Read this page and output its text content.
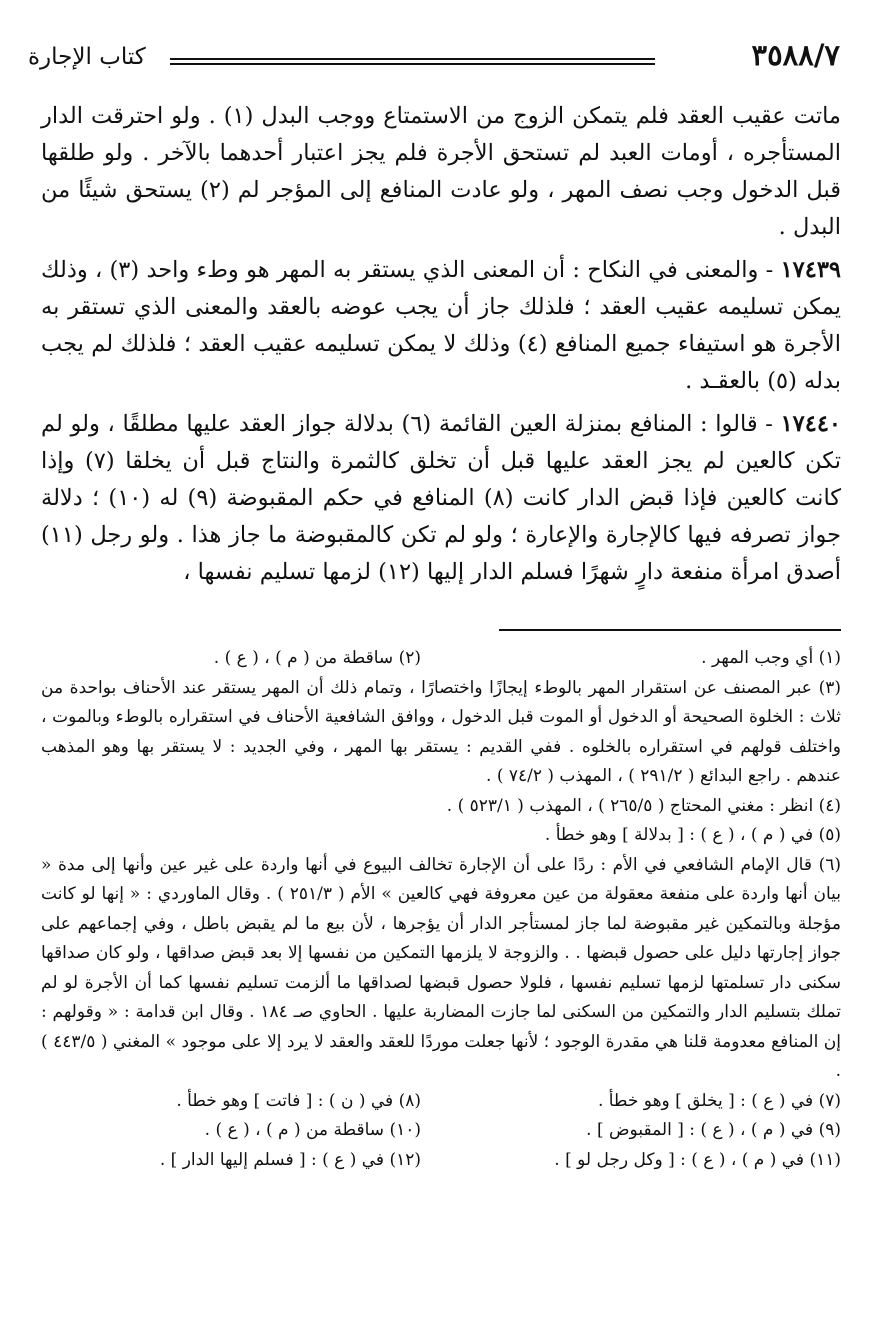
٣٥٨٨/٧
كتاب الإجارة

ماتت عقيب العقد فلم يتمكن الزوج من الاستمتاع ووجب البدل (١) . ولو احترقت الدار المستأجره ، أومات العبد لم تستحق الأجرة فلم يجز اعتبار أحدهما بالآخر . ولو طلقها قبل الدخول وجب نصف المهر ، ولو عادت المنافع إلى المؤجر لم (٢) يستحق شيئًا من البدل .

١٧٤٣٩ - والمعنى في النكاح : أن المعنى الذي يستقر به المهر هو وطء واحد (٣) ، وذلك يمكن تسليمه عقيب العقد ؛ فلذلك جاز أن يجب عوضه بالعقد والمعنى الذي تستقر به الأجرة هو استيفاء جميع المنافع (٤) وذلك لا يمكن تسليمه عقيب العقد ؛ فلذلك لم يجب بدله (٥) بالعقـد .

١٧٤٤٠ - قالوا : المنافع بمنزلة العين القائمة (٦) بدلالة جواز العقد عليها مطلقًا ، ولو لم تكن كالعين لم يجز العقد عليها قبل أن تخلق كالثمرة والنتاج قبل أن يخلقا (٧) وإذا كانت كالعين فإذا قبض الدار كانت (٨) المنافع في حكم المقبوضة (٩) له (١٠) ؛ دلالة جواز تصرفه فيها كالإجارة والإعارة ؛ ولو لم تكن كالمقبوضة ما جاز هذا . ولو رجل (١١) أصدق امرأة منفعة دارٍ شهرًا فسلم الدار إليها (١٢) لزمها تسليم نفسها ،

(١) أي وجب المهر .
(٢) ساقطة من ( م ) ، ( ع ) .

(٣) عبر المصنف عن استقرار المهر بالوطء إيجازًا واختصارًا ، وتمام ذلك أن المهر يستقر عند الأحناف بواحدة من ثلاث : الخلوة الصحيحة أو الدخول أو الموت قبل الدخول ، ووافق الشافعية الأحناف في استقراره بالوطء وبالموت ، واختلف قولهم في استقراره بالخلوه . ففي القديم : يستقر بها المهر ، وفي الجديد : لا يستقر بها وهو المذهب عندهم . راجع البدائع ( ٢٩١/٢ ) ، المهذب ( ٧٤/٢ ) .

(٤) انظر : مغني المحتاج ( ٢٦٥/٥ ) ، المهذب ( ٥٢٣/١ ) .

(٥) في ( م ) ، ( ع ) : [ بدلالة ] وهو خطأ .

(٦) قال الإمام الشافعي في الأم : ردًا على أن الإجارة تخالف البيوع في أنها واردة على غير عين وأنها إلى مدة « بيان أنها واردة على منفعة معقولة من عين معروفة فهي كالعين » الأم ( ٢٥١/٣ ) . وقال الماوردي : « إنها لو كانت مؤجلة وبالتمكين غير مقبوضة لما جاز لمستأجر الدار أن يؤجرها ، لأن بيع ما لم يقبض باطل ، وفي إجماعهم على جواز إجارتها دليل على حصول قبضها . . والزوجة لا يلزمها التمكين من نفسها إلا بعد قبض صداقها ، ولو كان صداقها سكنى دار تسلمتها لزمها تسليم نفسها ، فلولا حصول قبضها لصداقها ما ألزمت تسليم نفسها كما أن الأجرة لو لم تملك بتسليم الدار والتمكين من السكنى لما جازت المضاربة عليها . الحاوي صـ ١٨٤ . وقال ابن قدامة : « وقولهم : إن المنافع معدومة قلنا هي مقدرة الوجود ؛ لأنها جعلت موردًا للعقد والعقد لا يرد إلا على موجود » المغني ( ٤٤٣/٥ ) .

(٧) في ( ع ) : [ يخلق ] وهو خطأ .
(٨) في ( ن ) : [ فاتت ] وهو خطأ .
(٩) في ( م ) ، ( ع ) : [ المقبوض ] .
(١٠) ساقطة من ( م ) ، ( ع ) .
(١١) في ( م ) ، ( ع ) : [ وكل رجل لو ] .
(١٢) في ( ع ) : [ فسلم إليها الدار ] .
